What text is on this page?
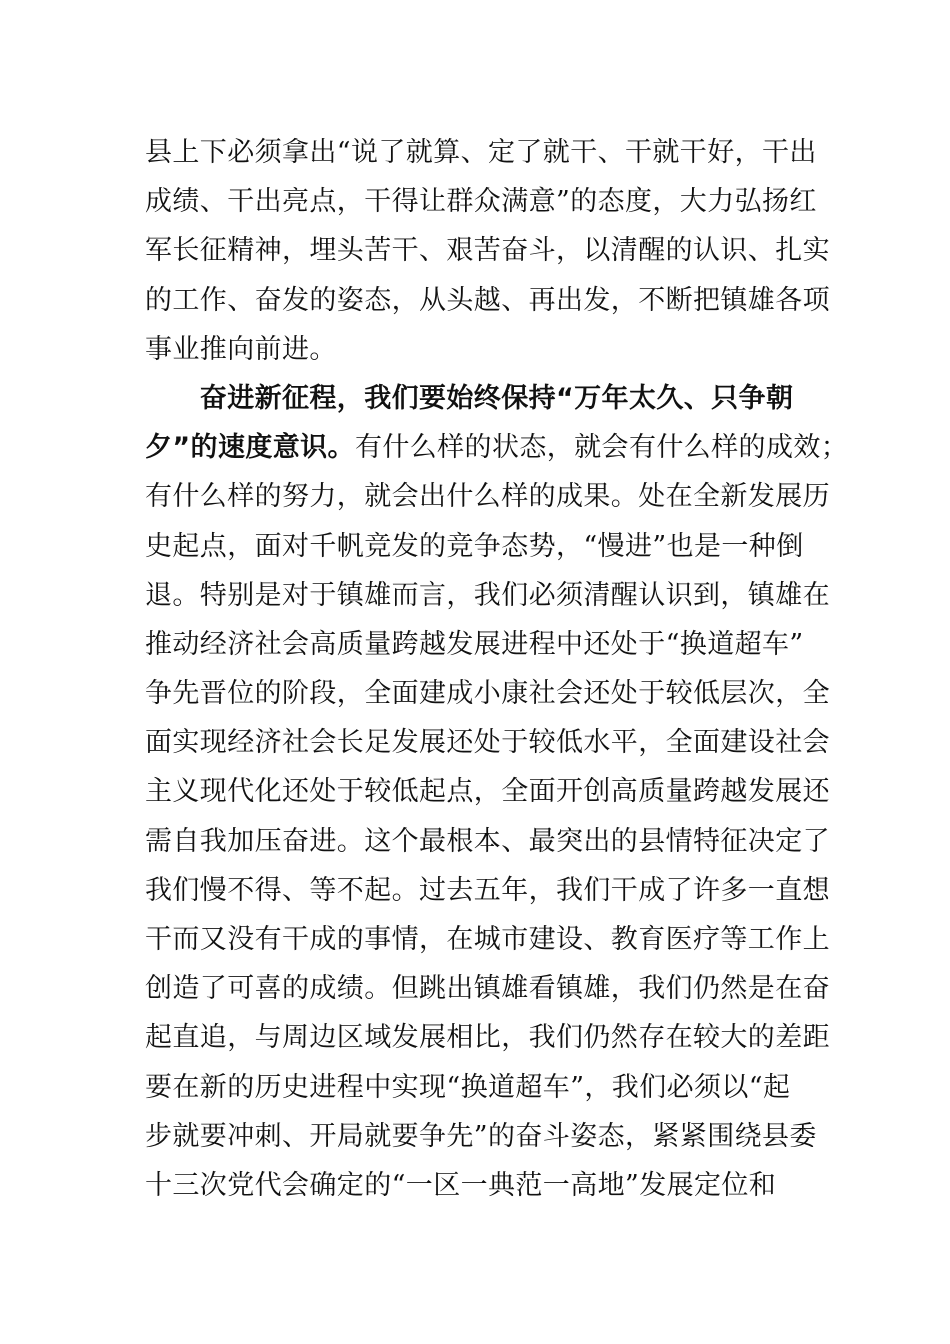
县上下必须拿出“说了就算、定了就干、干就干好，干出
成绩、干出亮点，干得让群众满意”的态度，大力弘扬红
军长征精神，埋头苦干、艰苦奋斗，以清醒的认识、扎实
的工作、奋发的姿态，从头越、再出发，不断把镇雄各项
事业推向前进。
　　奋进新征程，我们要始终保持“万年太久、只争朝
夕”的速度意识。有什么样的状态，就会有什么样的成效；
有什么样的努力，就会出什么样的成果。处在全新发展历
史起点，面对千帆竞发的竞争态势，“慢进”也是一种倒
退。特别是对于镇雄而言，我们必须清醒认识到，镇雄在
推动经济社会高质量跨越发展进程中还处于“换道超车”
争先晋位的阶段，全面建成小康社会还处于较低层次，全
面实现经济社会长足发展还处于较低水平，全面建设社会
主义现代化还处于较低起点，全面开创高质量跨越发展还
需自我加压奋进。这个最根本、最突出的县情特征决定了
我们慢不得、等不起。过去五年，我们干成了许多一直想
干而又没有干成的事情，在城市建设、教育医疗等工作上
创造了可喜的成绩。但跳出镇雄看镇雄，我们仍然是在奋
起直追，与周边区域发展相比，我们仍然存在较大的差距
要在新的历史进程中实现“换道超车”，我们必须以“起
步就要冲刺、开局就要争先”的奋斗姿态，紧紧围绕县委
十三次党代会确定的“一区一典范一高地”发展定位和
